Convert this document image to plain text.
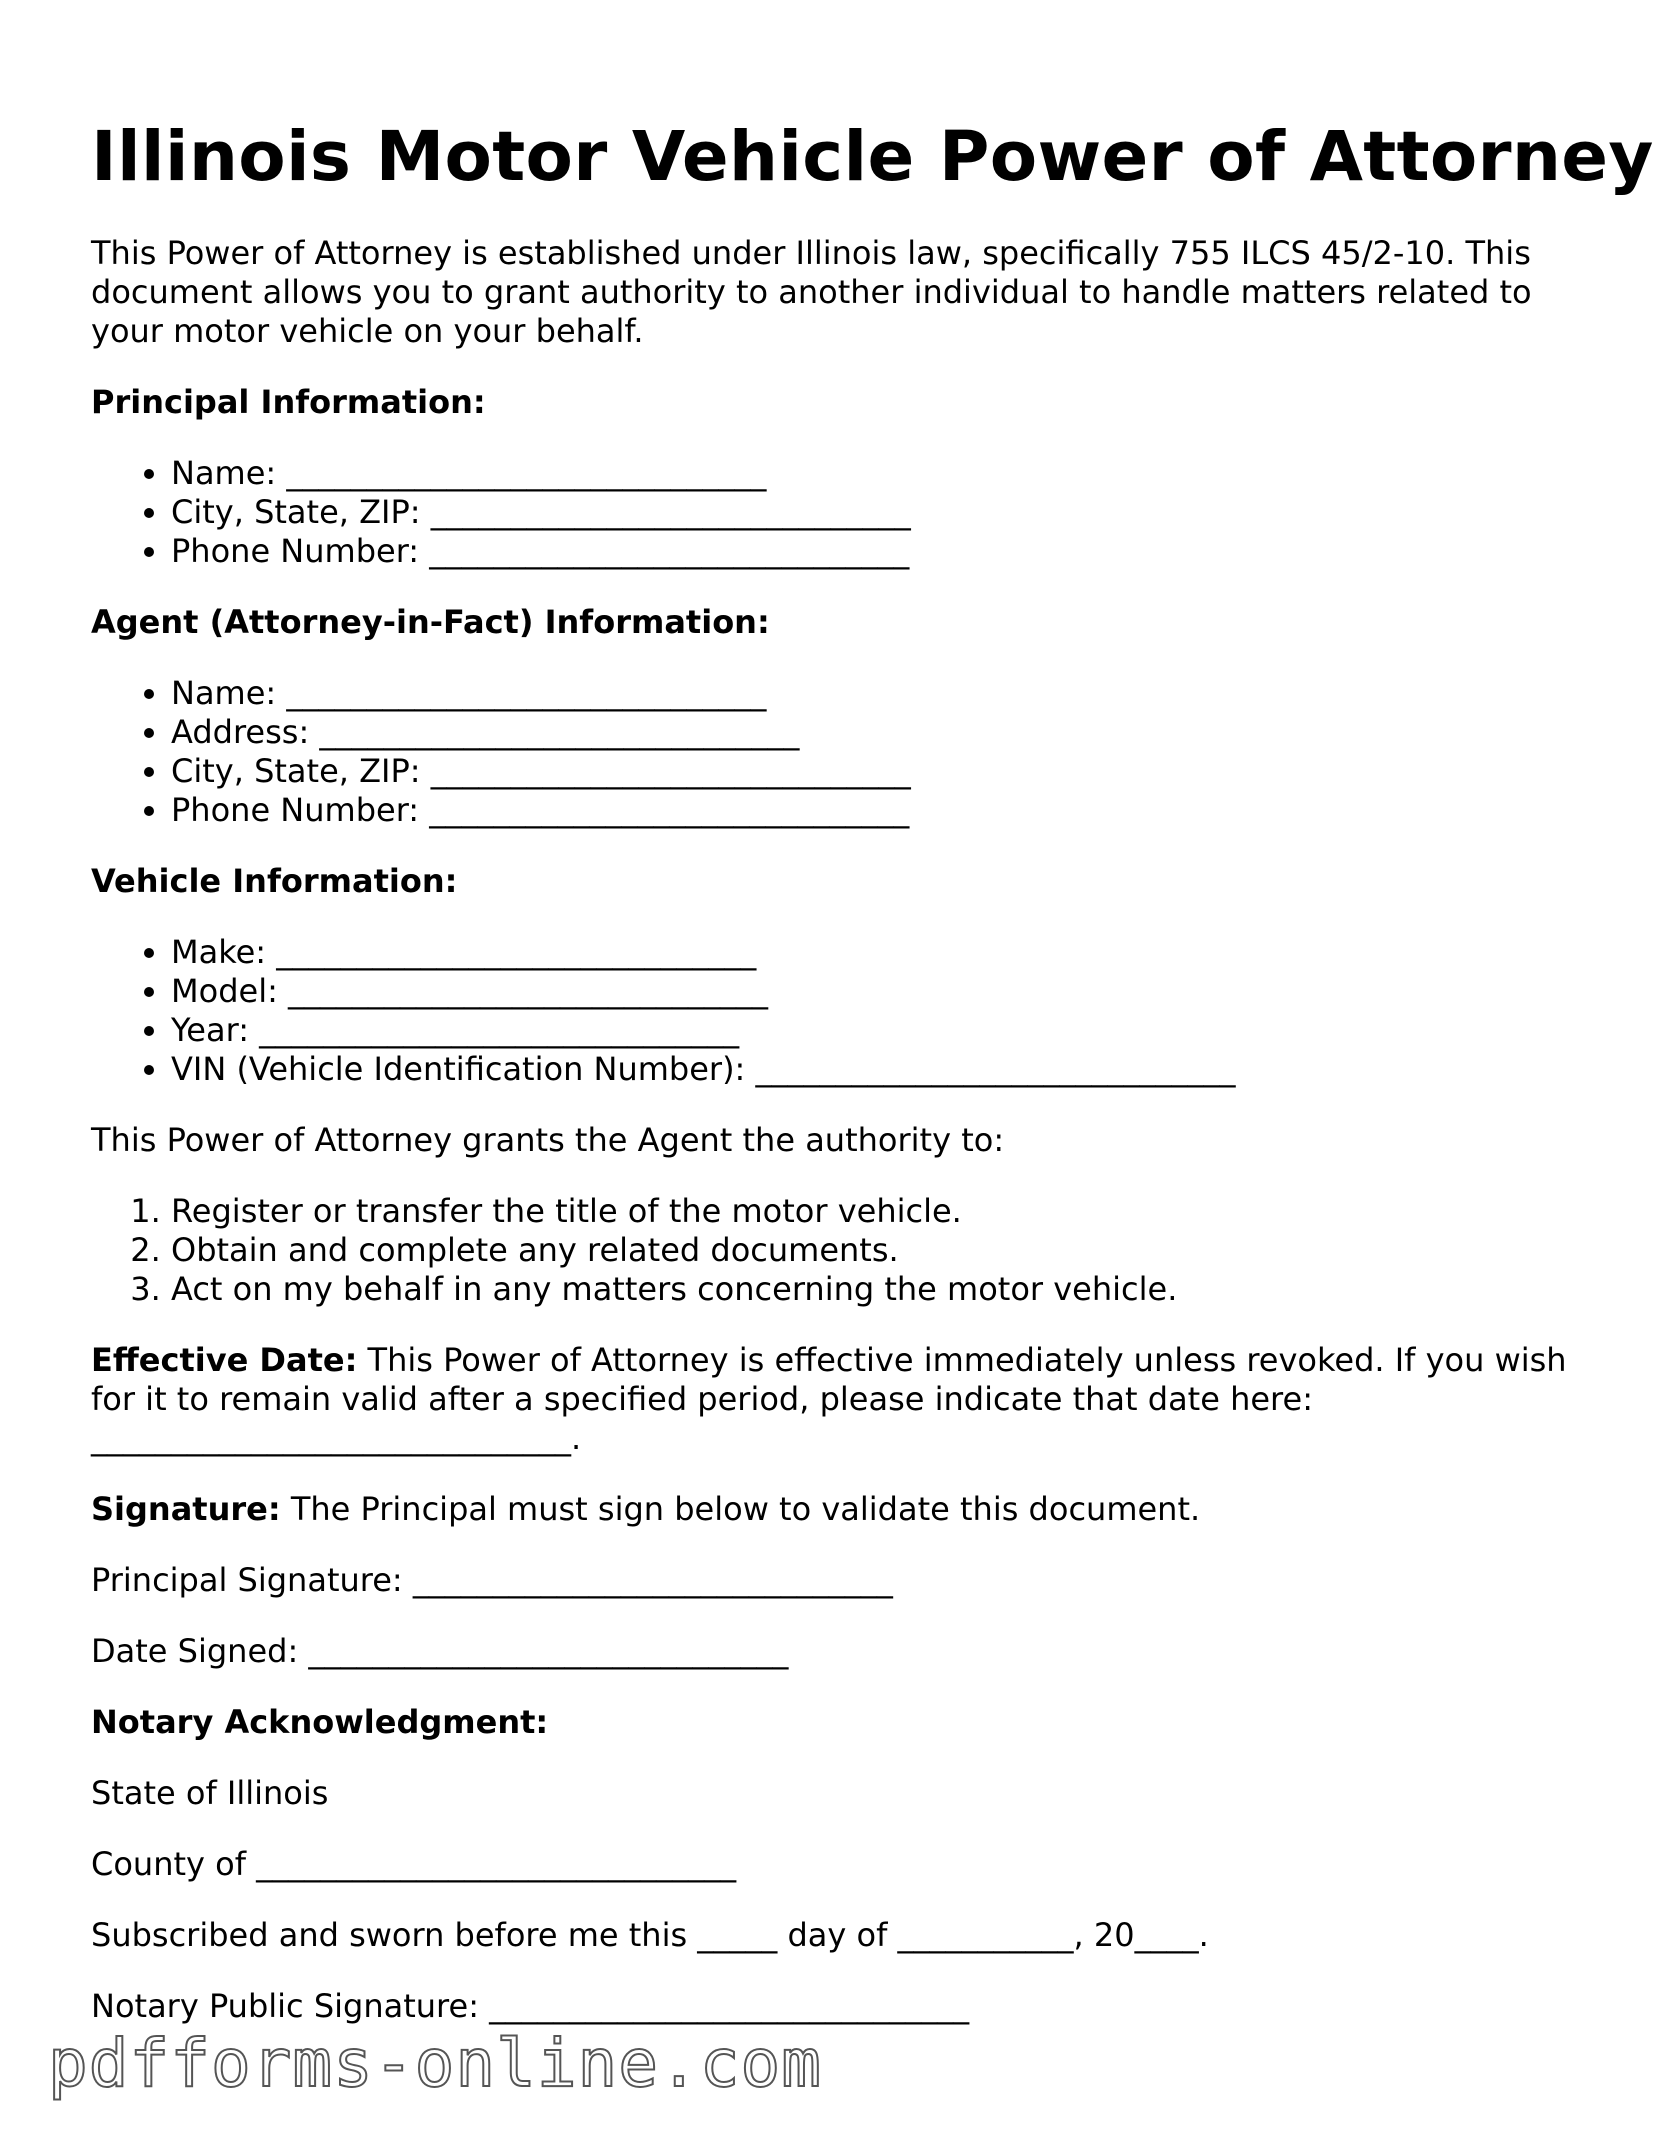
Illinois Motor Vehicle Power of Attorney

This Power of Attorney is established under Illinois law, specifically 755 ILCS 45/2-10. This document allows you to grant authority to another individual to handle matters related to your motor vehicle on your behalf.

Principal Information:
• Name: ______________________________
• City, State, ZIP: ______________________________
• Phone Number: ______________________________
Agent (Attorney-in-Fact) Information:
• Name: ______________________________
• Address: ______________________________
• City, State, ZIP: ______________________________
• Phone Number: ______________________________
Vehicle Information:
• Make: ______________________________
• Model: ______________________________
• Year: ______________________________
• VIN (Vehicle Identification Number): ______________________________

This Power of Attorney grants the Agent the authority to:

1. Register or transfer the title of the motor vehicle.
2. Obtain and complete any related documents.
3. Act on my behalf in any matters concerning the motor vehicle.

Effective Date: This Power of Attorney is effective immediately unless revoked. If you wish for it to remain valid after a specified period, please indicate that date here: ______________________________.

Signature: The Principal must sign below to validate this document.

Principal Signature: ______________________________

Date Signed: ______________________________

Notary Acknowledgment:

State of Illinois

County of ______________________________

Subscribed and sworn before me this _____ day of ___________, 20____.

Notary Public Signature: ______________________________

pdfforms-online.com
